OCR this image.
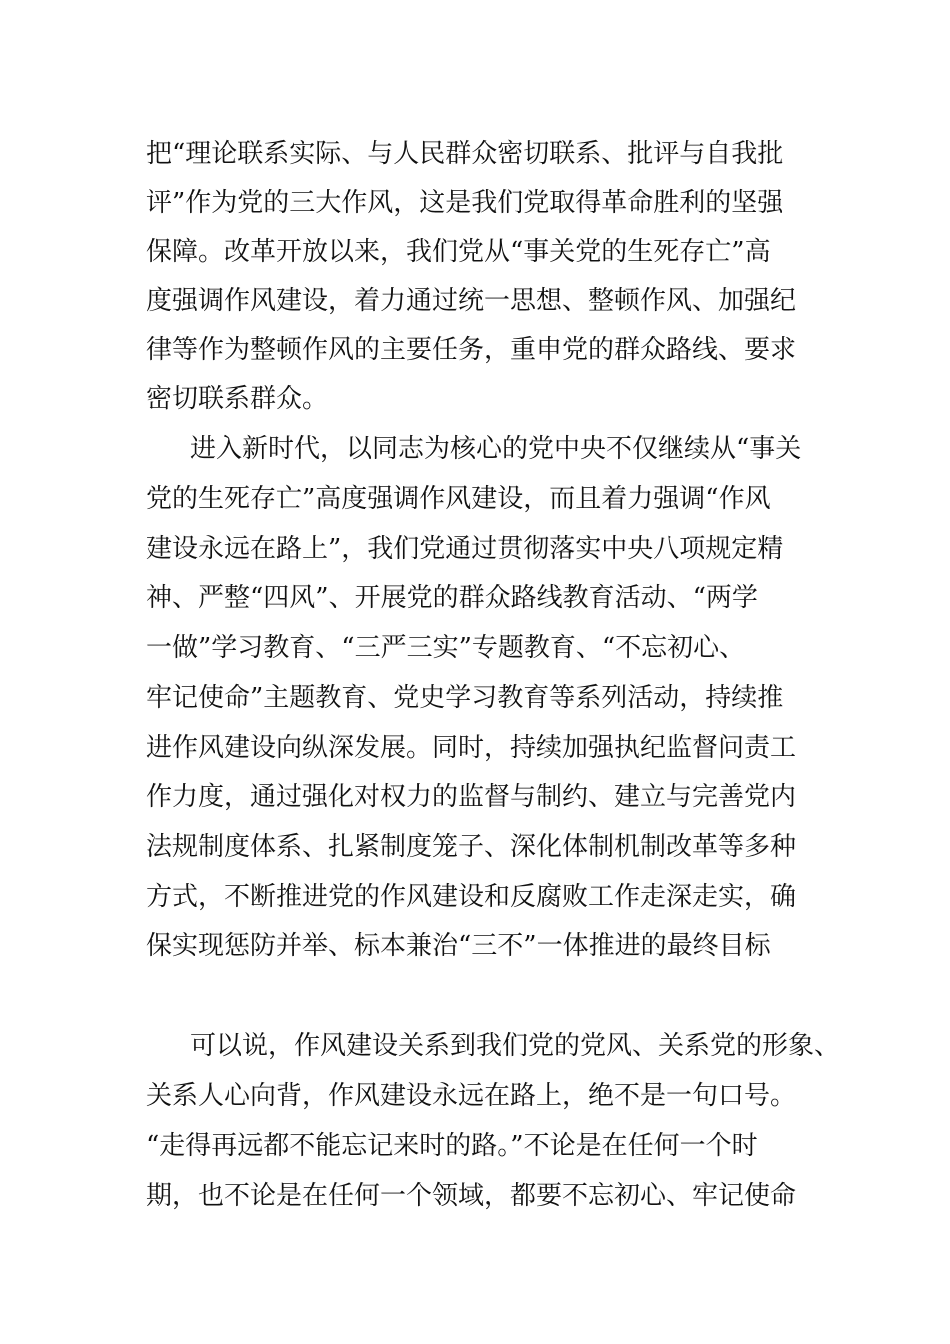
把“理论联系实际、与人民群众密切联系、批评与自我批
评”作为党的三大作风，这是我们党取得革命胜利的坚强
保障。改革开放以来，我们党从“事关党的生死存亡”高
度强调作风建设，着力通过统一思想、整顿作风、加强纪
律等作为整顿作风的主要任务，重申党的群众路线、要求
密切联系群众。
进入新时代，以同志为核心的党中央不仅继续从“事关
党的生死存亡”高度强调作风建设，而且着力强调“作风
建设永远在路上”，我们党通过贯彻落实中央八项规定精
神、严整“四风”、开展党的群众路线教育活动、“两学
一做”学习教育、“三严三实”专题教育、“不忘初心、
牢记使命”主题教育、党史学习教育等系列活动，持续推
进作风建设向纵深发展。同时，持续加强执纪监督问责工
作力度，通过强化对权力的监督与制约、建立与完善党内
法规制度体系、扎紧制度笼子、深化体制机制改革等多种
方式，不断推进党的作风建设和反腐败工作走深走实，确
保实现惩防并举、标本兼治“三不”一体推进的最终目标
可以说，作风建设关系到我们党的党风、关系党的形象、
关系人心向背，作风建设永远在路上，绝不是一句口号。
“走得再远都不能忘记来时的路。”不论是在任何一个时
期，也不论是在任何一个领域，都要不忘初心、牢记使命
